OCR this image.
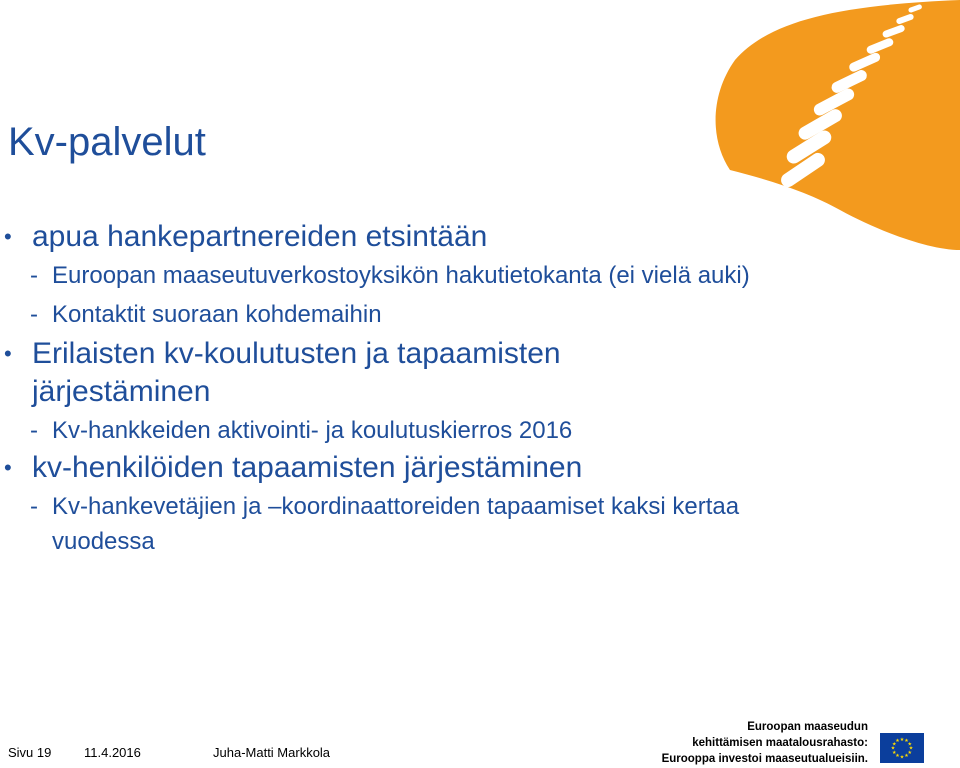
Kv-palvelut

• apua hankepartnereiden etsintään

- Euroopan maaseutuverkostoyksikön hakutietokanta (ei vielä auki)

- Kontaktit suoraan kohdemaihin

• Erilaisten kv-koulutusten ja tapaamisten järjestäminen

- Kv-hankkeiden aktivointi- ja koulutuskierros 2016

• kv-henkilöiden tapaamisten järjestäminen

- Kv-hankevetäjien ja –koordinaattoreiden tapaamiset kaksi kertaa vuodessa

Sivu 19	11.4.2016	Juha-Matti Markkola
Euroopan maaseudun
kehittämisen maatalousrahasto:
Eurooppa investoi maaseutualueisiin.
★ ★
★
★
★
★
★
★
★
★
★
★
